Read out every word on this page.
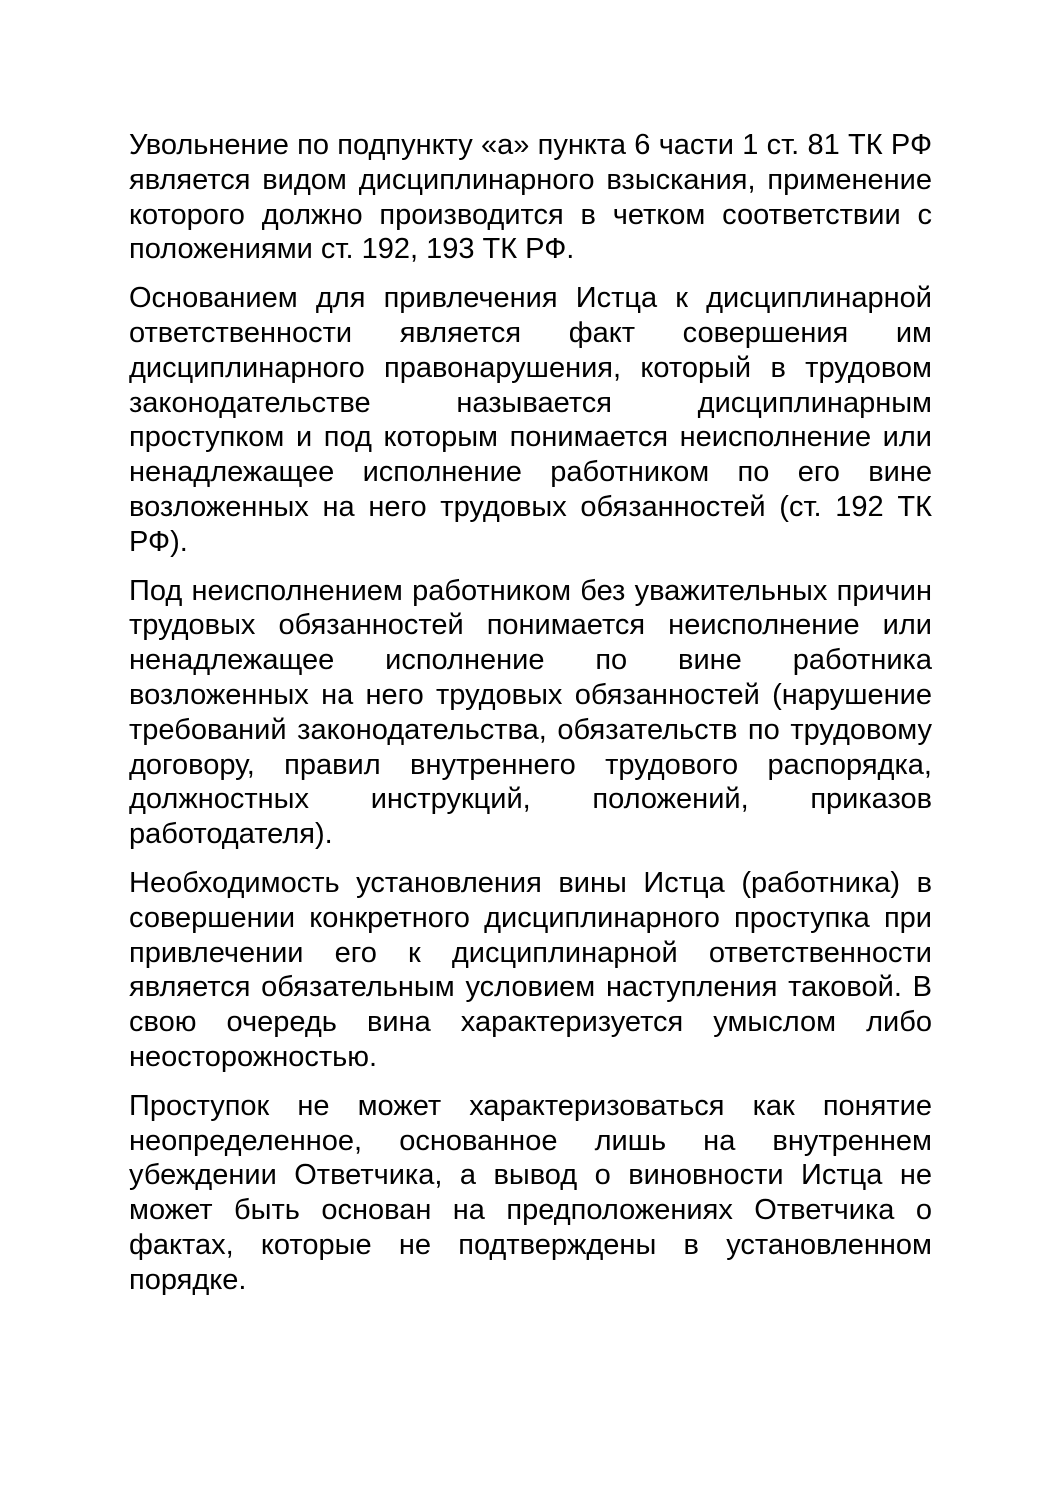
Увольнение по подпункту «а» пункта 6 части 1 ст. 81 ТК РФ является видом дисциплинарного взыскания, применение которого должно производится в четком соответствии с положениями ст. 192, 193 ТК РФ.

Основанием для привлечения Истца к дисциплинарной ответственности является факт совершения им дисциплинарного правонарушения, который в трудовом законодательстве называется дисциплинарным проступком и под которым понимается неисполнение или ненадлежащее исполнение работником по его вине возложенных на него трудовых обязанностей (ст. 192 ТК РФ).

Под неисполнением работником без уважительных причин трудовых обязанностей понимается неисполнение или ненадлежащее исполнение по вине работника возложенных на него трудовых обязанностей (нарушение требований законодательства, обязательств по трудовому договору, правил внутреннего трудового распорядка, должностных инструкций, положений, приказов работодателя).

Необходимость установления вины Истца (работника) в совершении конкретного дисциплинарного проступка при привлечении его к дисциплинарной ответственности является обязательным условием наступления таковой. В свою очередь вина характеризуется умыслом либо неосторожностью.

Проступок не может характеризоваться как понятие неопределенное, основанное лишь на внутреннем убеждении Ответчика, а вывод о виновности Истца не может быть основан на предположениях Ответчика о фактах, которые не подтверждены в установленном порядке.
